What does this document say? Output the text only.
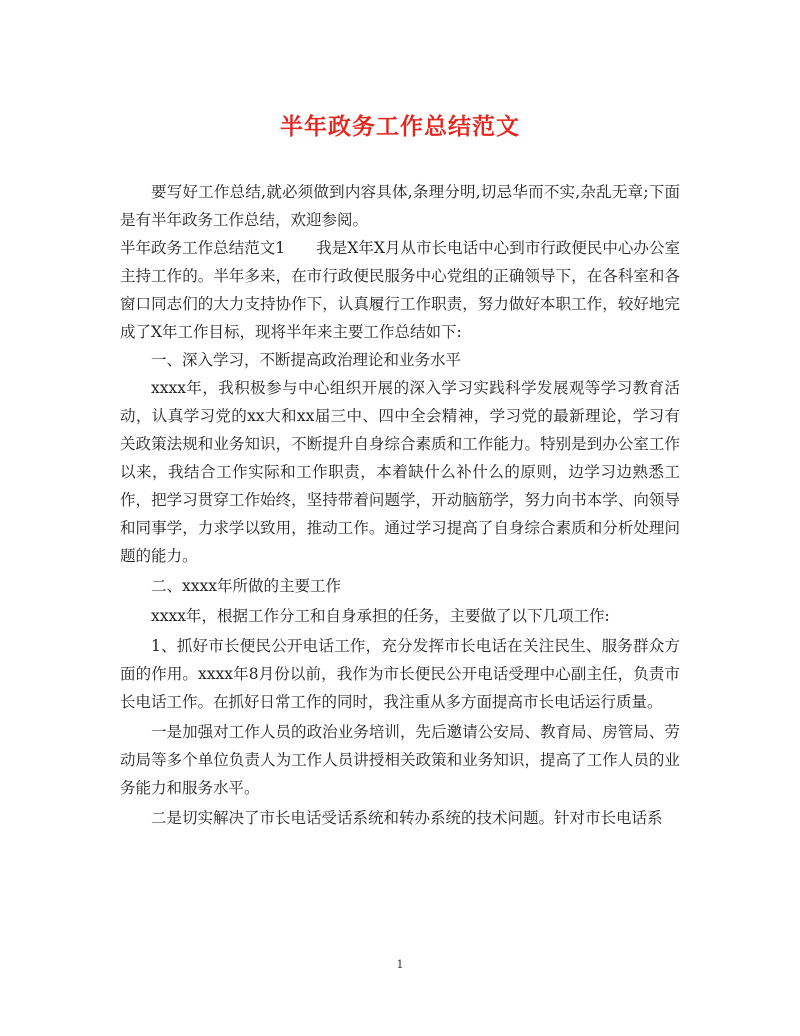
半年政务工作总结范文

要写好工作总结,就必须做到内容具体,条理分明,切忌华而不实,杂乱无章;下面是有半年政务工作总结，欢迎参阅。

半年政务工作总结范文1　　我是X年X月从市长电话中心到市行政便民中心办公室主持工作的。半年多来，在市行政便民服务中心党组的正确领导下，在各科室和各窗口同志们的大力支持协作下，认真履行工作职责，努力做好本职工作，较好地完成了X年工作目标，现将半年来主要工作总结如下:

一、深入学习，不断提高政治理论和业务水平

xxxx年，我积极参与中心组织开展的深入学习实践科学发展观等学习教育活动，认真学习党的xx大和xx届三中、四中全会精神，学习党的最新理论，学习有关政策法规和业务知识，不断提升自身综合素质和工作能力。特别是到办公室工作以来，我结合工作实际和工作职责，本着缺什么补什么的原则，边学习边熟悉工作，把学习贯穿工作始终，坚持带着问题学，开动脑筋学，努力向书本学、向领导和同事学，力求学以致用，推动工作。通过学习提高了自身综合素质和分析处理问题的能力。

二、xxxx年所做的主要工作

xxxx年，根据工作分工和自身承担的任务，主要做了以下几项工作:

1、抓好市长便民公开电话工作，充分发挥市长电话在关注民生、服务群众方面的作用。xxxx年8月份以前，我作为市长便民公开电话受理中心副主任，负责市长电话工作。在抓好日常工作的同时，我注重从多方面提高市长电话运行质量。

一是加强对工作人员的政治业务培训，先后邀请公安局、教育局、房管局、劳动局等多个单位负责人为工作人员讲授相关政策和业务知识，提高了工作人员的业务能力和服务水平。

二是切实解决了市长电话受话系统和转办系统的技术问题。针对市长电话系

1
